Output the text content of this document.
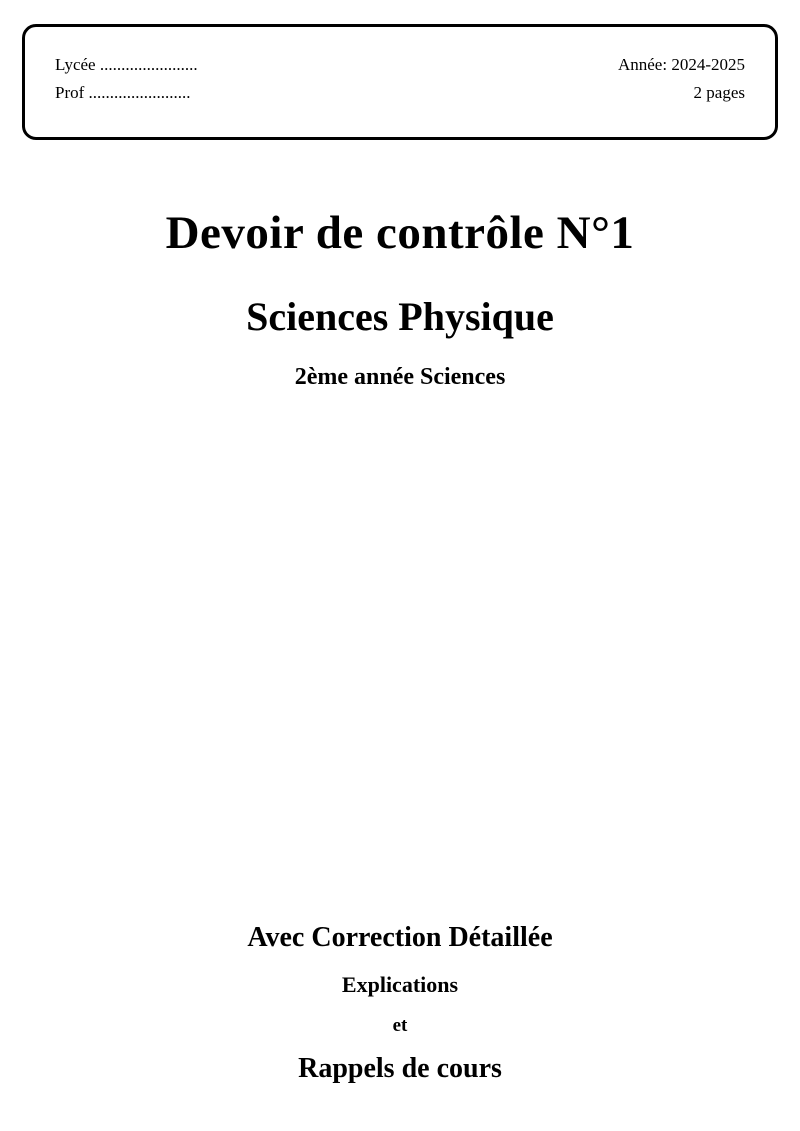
Lycée .......................	Année: 2024-2025
Prof ........................	2 pages
Devoir de contrôle N°1
Sciences Physique
2ème année Sciences

Avec Correction Détaillée

Explications

et

Rappels de cours
